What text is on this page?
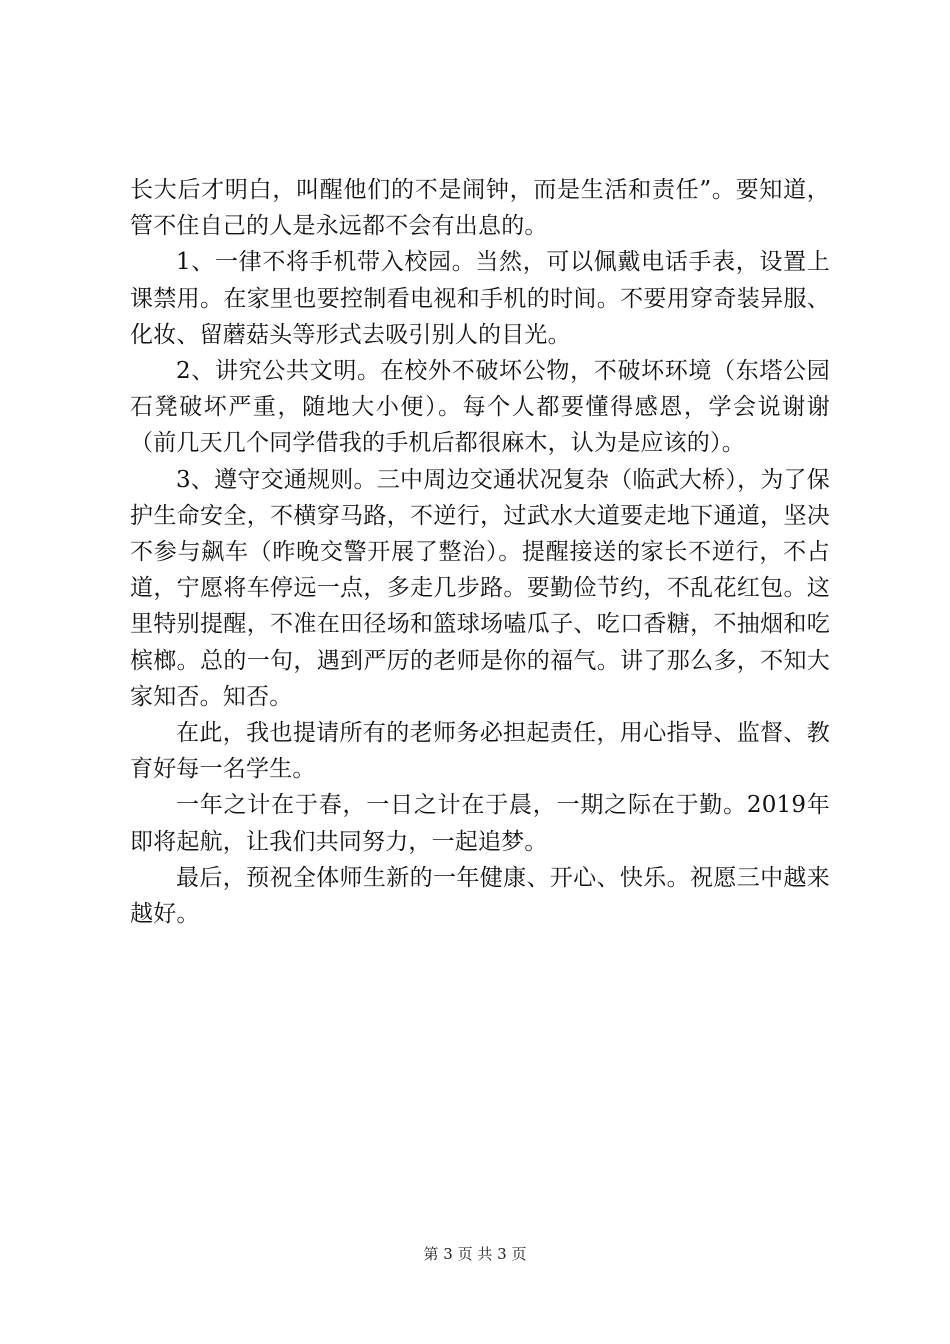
长大后才明白，叫醒他们的不是闹钟，而是生活和责任”。要知道，管不住自己的人是永远都不会有出息的。

1、一律不将手机带入校园。当然，可以佩戴电话手表，设置上课禁用。在家里也要控制看电视和手机的时间。不要用穿奇装异服、化妆、留蘑菇头等形式去吸引别人的目光。

2、讲究公共文明。在校外不破坏公物，不破坏环境（东塔公园石凳破坏严重，随地大小便）。每个人都要懂得感恩，学会说谢谢（前几天几个同学借我的手机后都很麻木，认为是应该的）。

3、遵守交通规则。三中周边交通状况复杂（临武大桥），为了保护生命安全，不横穿马路，不逆行，过武水大道要走地下通道，坚决不参与飙车（昨晚交警开展了整治）。提醒接送的家长不逆行，不占道，宁愿将车停远一点，多走几步路。要勤俭节约，不乱花红包。这里特别提醒，不准在田径场和篮球场嗑瓜子、吃口香糖，不抽烟和吃槟榔。总的一句，遇到严厉的老师是你的福气。讲了那么多，不知大家知否。知否。

在此，我也提请所有的老师务必担起责任，用心指导、监督、教育好每一名学生。

一年之计在于春，一日之计在于晨，一期之际在于勤。2019年即将起航，让我们共同努力，一起追梦。

最后，预祝全体师生新的一年健康、开心、快乐。祝愿三中越来越好。

第 3 页 共 3 页
